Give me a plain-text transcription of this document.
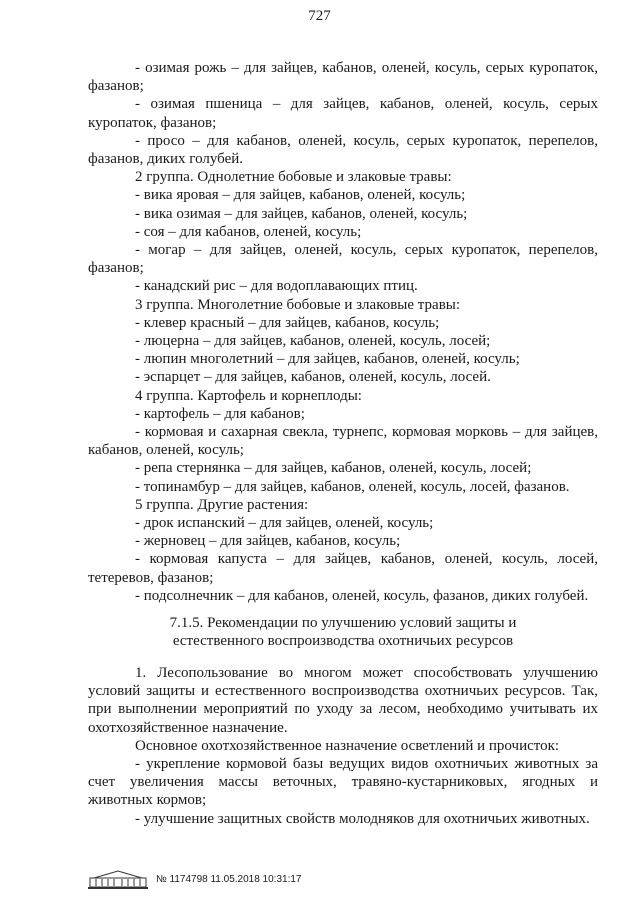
727
- озимая рожь – для зайцев, кабанов, оленей, косуль, серых куропаток,
фазанов;
- озимая пшеница – для зайцев, кабанов, оленей, косуль, серых
куропаток, фазанов;
- просо – для кабанов, оленей, косуль, серых куропаток, перепелов,
фазанов, диких голубей.
2 группа. Однолетние бобовые и злаковые травы:
- вика яровая – для зайцев, кабанов, оленей, косуль;
- вика озимая – для зайцев, кабанов, оленей, косуль;
- соя – для кабанов, оленей, косуль;
- могар – для зайцев, оленей, косуль, серых куропаток, перепелов,
фазанов;
- канадский рис – для водоплавающих птиц.
3 группа. Многолетние бобовые и злаковые травы:
- клевер красный – для зайцев, кабанов, косуль;
- люцерна – для зайцев, кабанов, оленей, косуль, лосей;
- люпин многолетний – для зайцев, кабанов, оленей, косуль;
- эспарцет – для зайцев, кабанов, оленей, косуль, лосей.
4 группа. Картофель и корнеплоды:
- картофель – для кабанов;
- кормовая и сахарная свекла, турнепс, кормовая морковь – для зайцев,
кабанов, оленей, косуль;
- репа стернянка – для зайцев, кабанов, оленей, косуль, лосей;
- топинамбур – для зайцев, кабанов, оленей, косуль, лосей, фазанов.
5 группа. Другие растения:
- дрок испанский – для зайцев, оленей, косуль;
- жерновец – для зайцев, кабанов, косуль;
- кормовая капуста – для зайцев, кабанов, оленей, косуль, лосей,
тетеревов, фазанов;
- подсолнечник – для кабанов, оленей, косуль, фазанов, диких голубей.
7.1.5. Рекомендации по улучшению условий защиты и
естественного воспроизводства охотничьих ресурсов
1. Лесопользование во многом может способствовать улучшению
условий защиты и естественного воспроизводства охотничьих ресурсов. Так,
при выполнении мероприятий по уходу за лесом, необходимо учитывать их
охотхозяйственное назначение.
Основное охотхозяйственное назначение осветлений и прочисток:
- укрепление кормовой базы ведущих видов охотничьих животных за
счет увеличения массы веточных, травяно-кустарниковых, ягодных и
животных кормов;
- улучшение защитных свойств молодняков для охотничьих животных.
№ 1174798 11.05.2018 10:31:17
